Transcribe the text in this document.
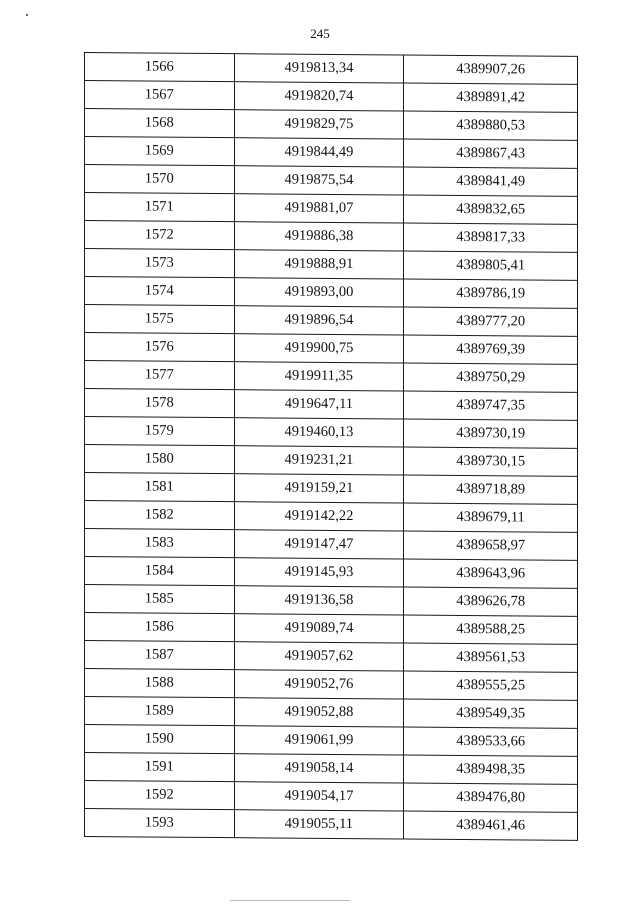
245
1566	4919813,34	4389907,26
1567	4919820,74	4389891,42
1568	4919829,75	4389880,53
1569	4919844,49	4389867,43
1570	4919875,54	4389841,49
1571	4919881,07	4389832,65
1572	4919886,38	4389817,33
1573	4919888,91	4389805,41
1574	4919893,00	4389786,19
1575	4919896,54	4389777,20
1576	4919900,75	4389769,39
1577	4919911,35	4389750,29
1578	4919647,11	4389747,35
1579	4919460,13	4389730,19
1580	4919231,21	4389730,15
1581	4919159,21	4389718,89
1582	4919142,22	4389679,11
1583	4919147,47	4389658,97
1584	4919145,93	4389643,96
1585	4919136,58	4389626,78
1586	4919089,74	4389588,25
1587	4919057,62	4389561,53
1588	4919052,76	4389555,25
1589	4919052,88	4389549,35
1590	4919061,99	4389533,66
1591	4919058,14	4389498,35
1592	4919054,17	4389476,80
1593	4919055,11	4389461,46
